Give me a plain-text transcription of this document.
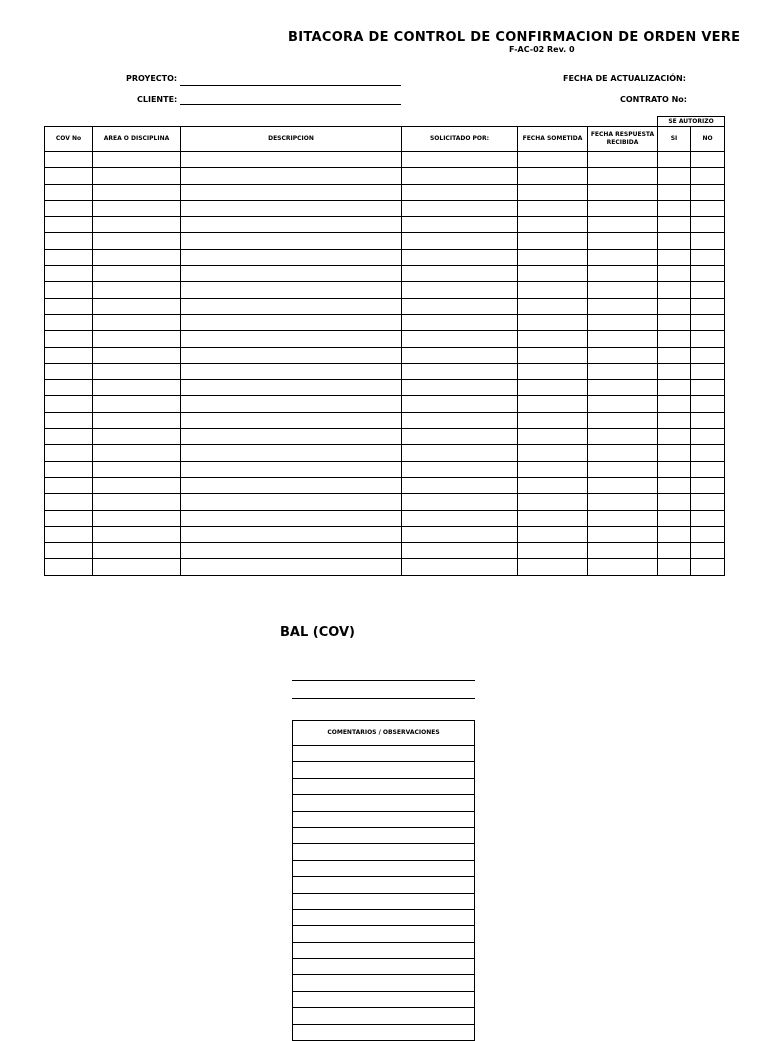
BITACORA DE CONTROL DE CONFIRMACION DE ORDEN VERE
F-AC-02 Rev. 0
PROYECTO:
CLIENTE:
FECHA DE ACTUALIZACIÓN:
CONTRATO No:
SE AUTORIZO
COV No	AREA O DISCIPLINA	DESCRIPCION	SOLICITADO POR:	FECHA SOMETIDA	FECHA RESPUESTA RECIBIDA	SI	NO

BAL (COV)
COMENTARIOS / OBSERVACIONES
